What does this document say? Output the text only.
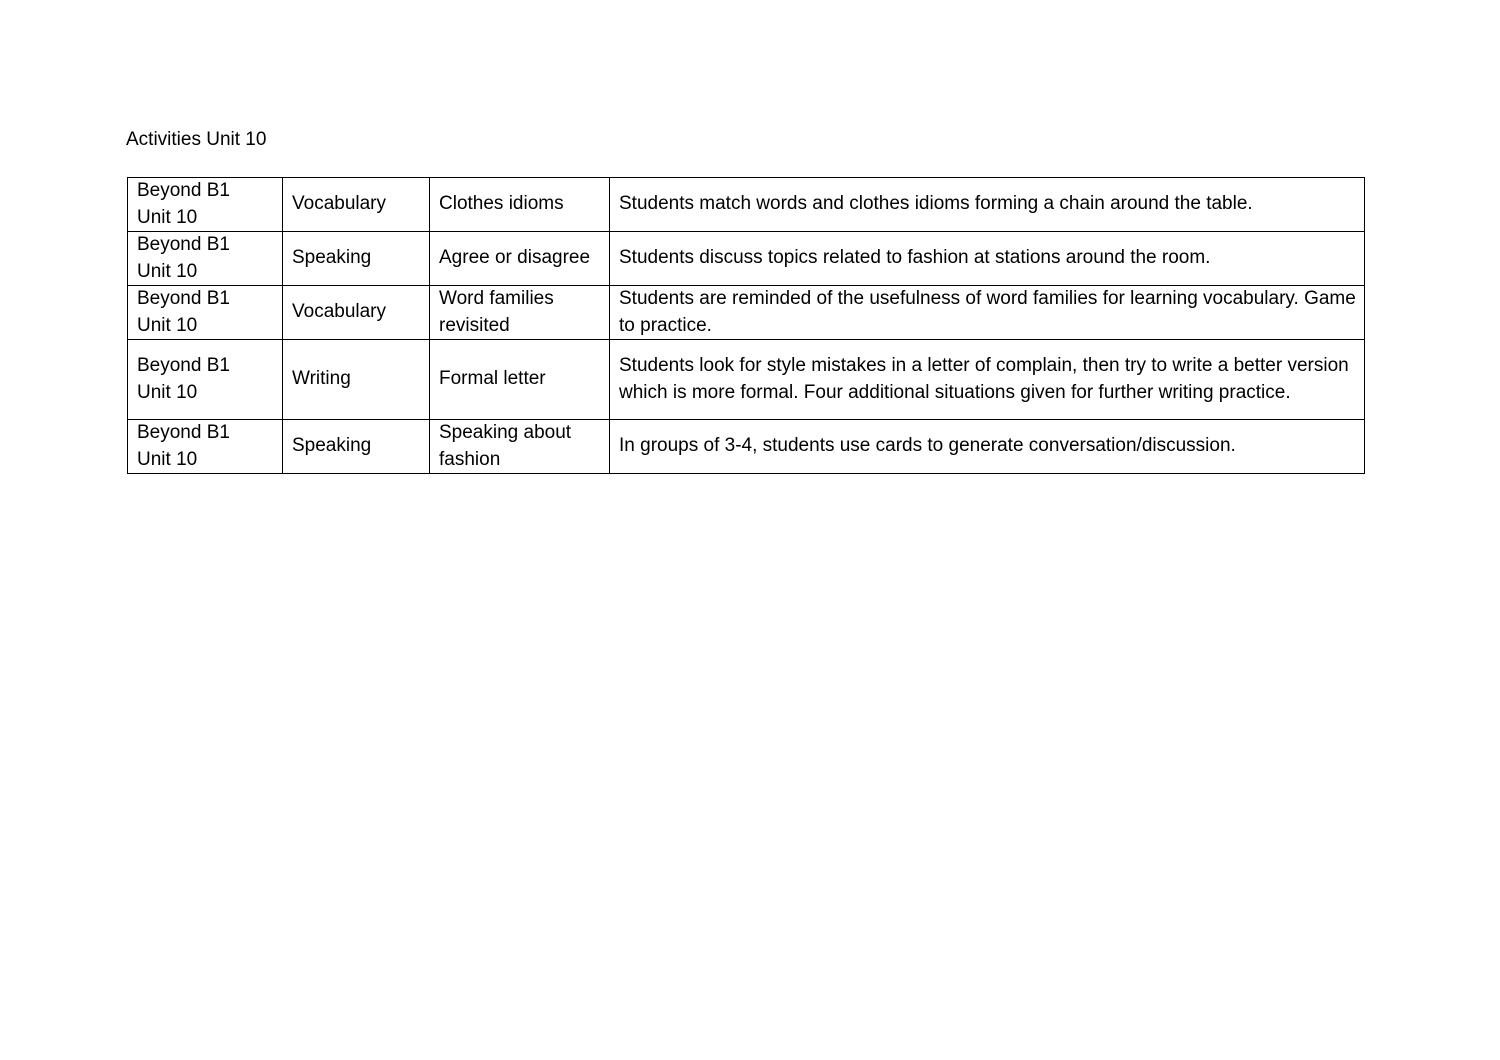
Activities Unit 10
Beyond B1
Unit 10	Vocabulary	Clothes idioms	Students match words and clothes idioms forming a chain around the table.
Beyond B1
Unit 10	Speaking	Agree or disagree	Students discuss topics related to fashion at stations around the room.
Beyond B1
Unit 10	Vocabulary	Word families revisited	Students are reminded of the usefulness of word families for learning vocabulary. Game to practice.
Beyond B1
Unit 10	Writing	Formal letter	Students look for style mistakes in a letter of complain, then try to write a better version which is more formal. Four additional situations given for further writing practice.
Beyond B1
Unit 10	Speaking	Speaking about fashion	In groups of 3-4, students use cards to generate conversation/discussion.
